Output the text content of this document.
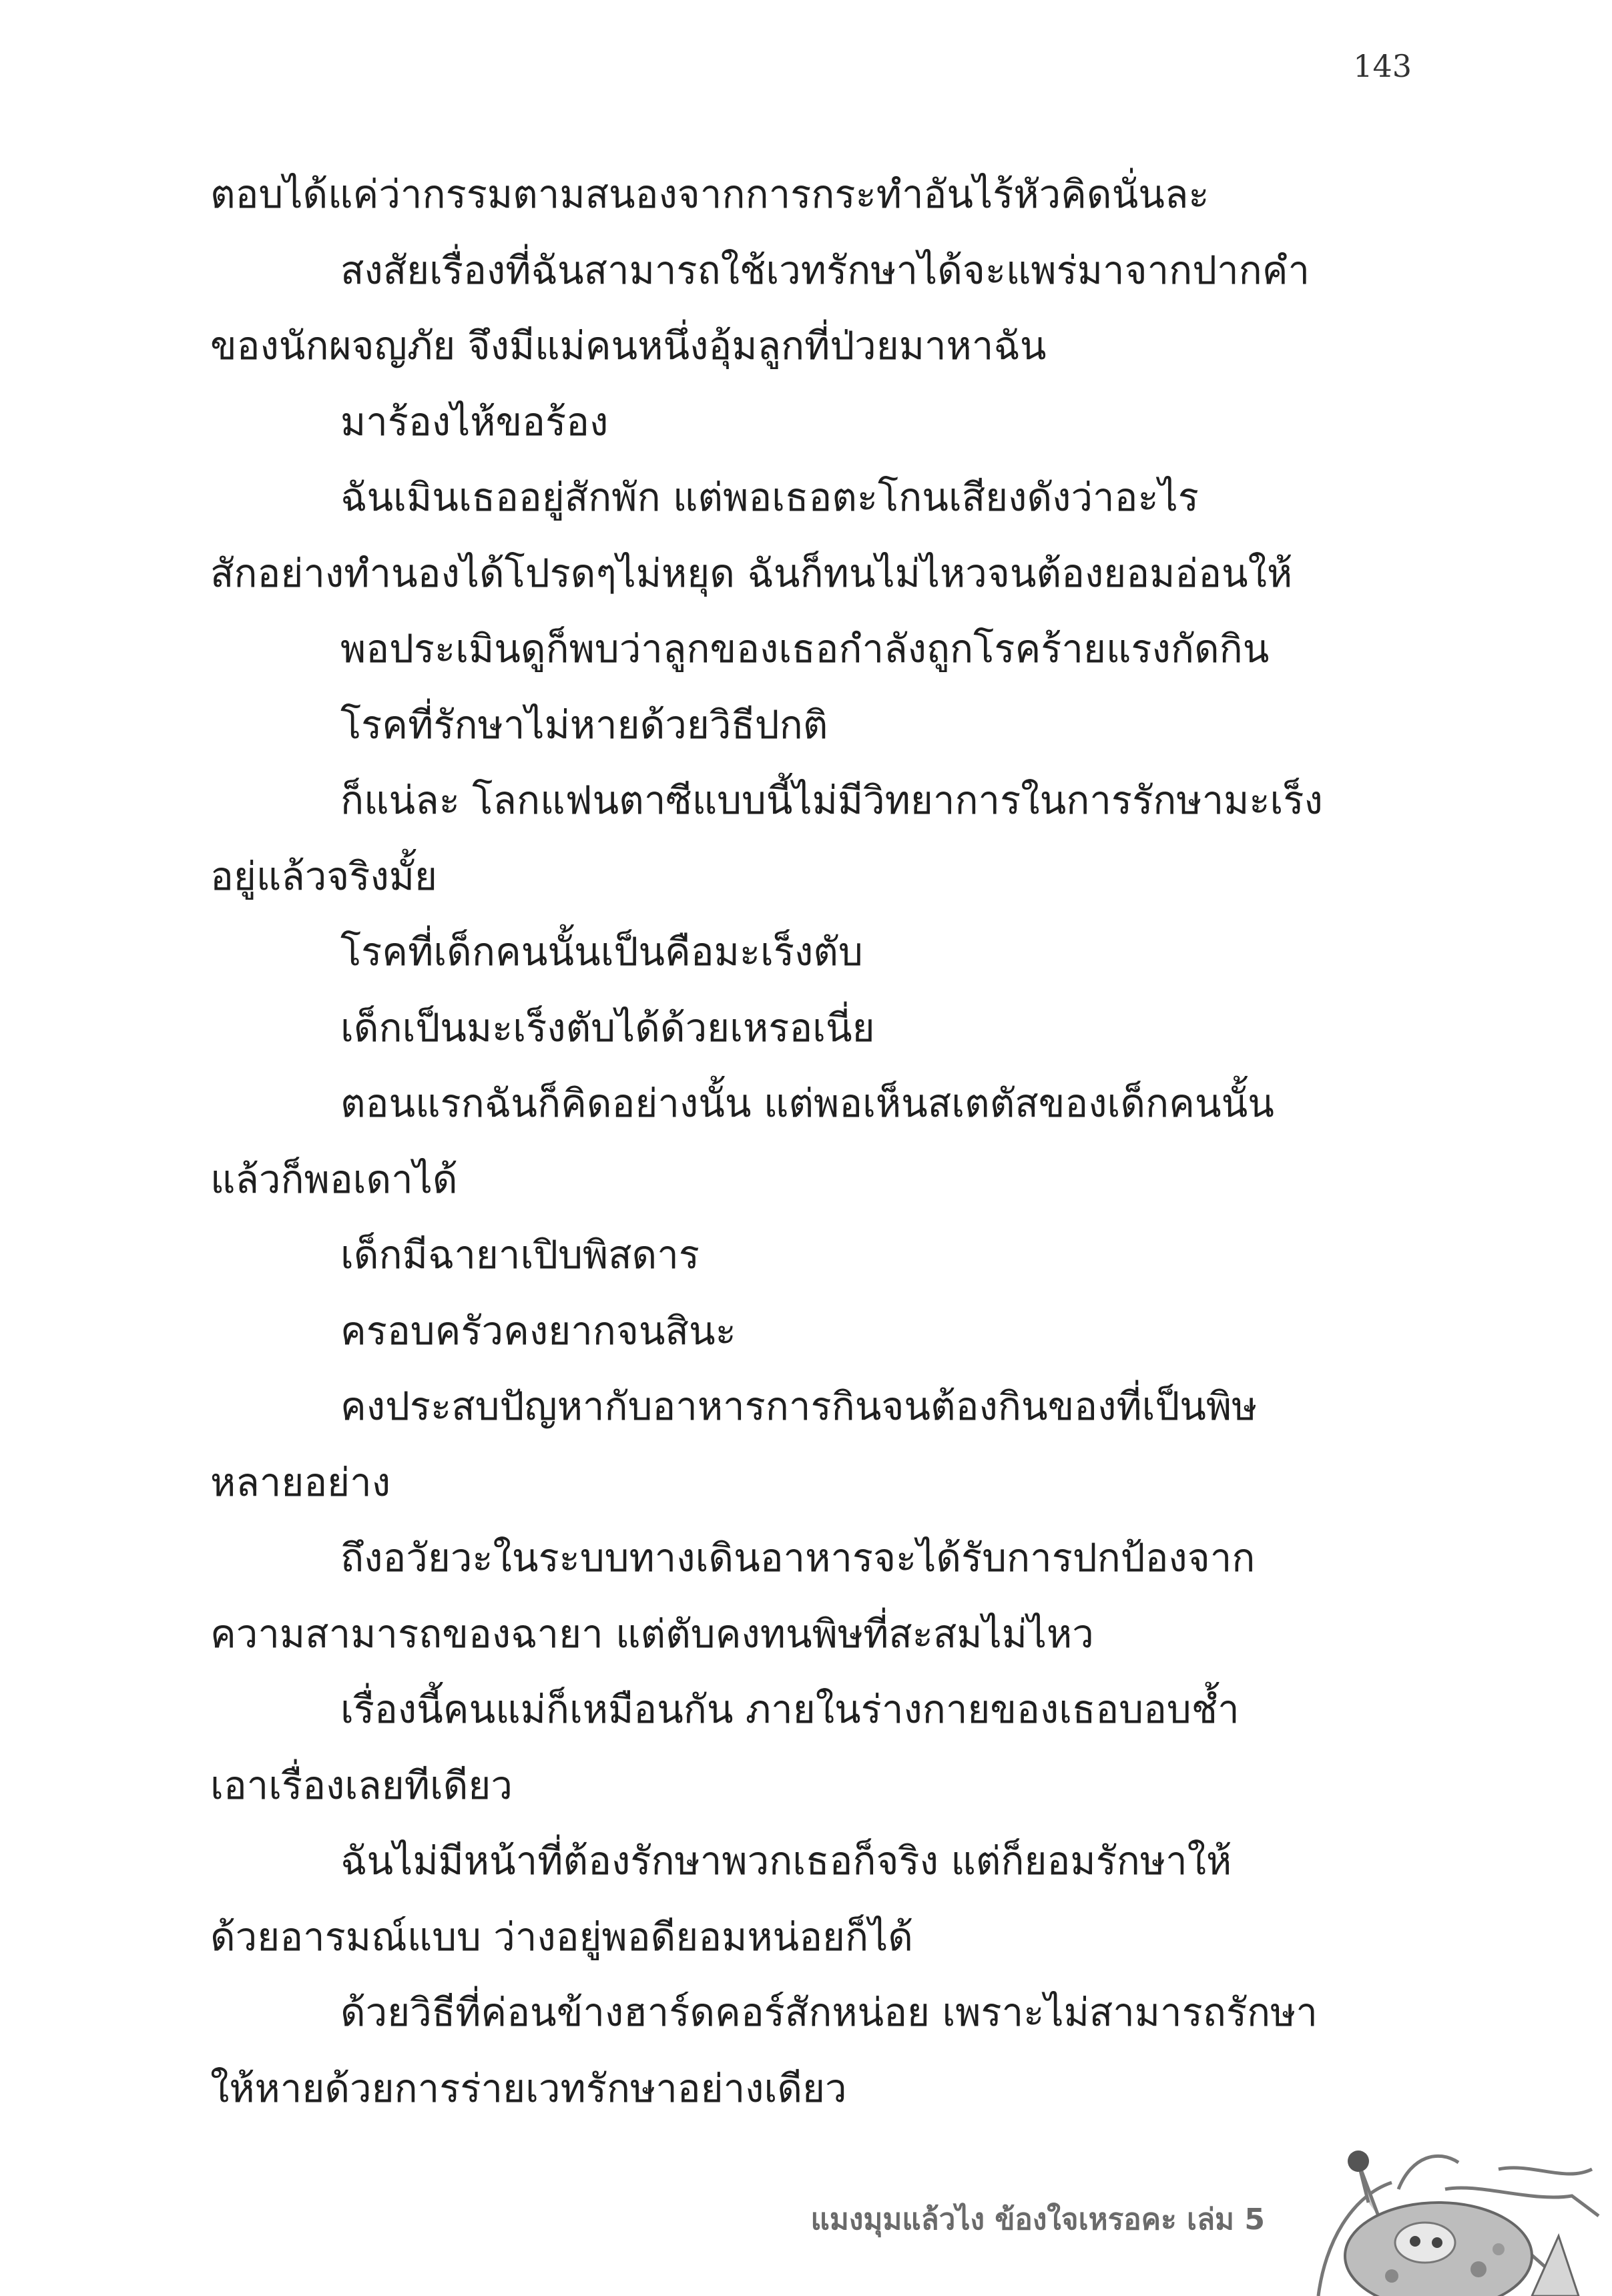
143
ตอบได้แค่ว่ากรรมตามสนองจากการกระทำอันไร้หัวคิดนั่นละ
สงสัยเรื่องที่ฉันสามารถใช้เวทรักษาได้จะแพร่มาจากปากคำ
ของนักผจญภัย จึงมีแม่คนหนึ่งอุ้มลูกที่ป่วยมาหาฉัน
มาร้องไห้ขอร้อง
ฉันเมินเธออยู่สักพัก แต่พอเธอตะโกนเสียงดังว่าอะไร
สักอย่างทำนองได้โปรดๆไม่หยุด ฉันก็ทนไม่ไหวจนต้องยอมอ่อนให้
พอประเมินดูก็พบว่าลูกของเธอกำลังถูกโรคร้ายแรงกัดกิน
โรคที่รักษาไม่หายด้วยวิธีปกติ
ก็แน่ละ โลกแฟนตาซีแบบนี้ไม่มีวิทยาการในการรักษามะเร็ง
อยู่แล้วจริงมั้ย
โรคที่เด็กคนนั้นเป็นคือมะเร็งตับ
เด็กเป็นมะเร็งตับได้ด้วยเหรอเนี่ย
ตอนแรกฉันก็คิดอย่างนั้น แต่พอเห็นสเตตัสของเด็กคนนั้น
แล้วก็พอเดาได้
เด็กมีฉายาเปิบพิสดาร
ครอบครัวคงยากจนสินะ
คงประสบปัญหากับอาหารการกินจนต้องกินของที่เป็นพิษ
หลายอย่าง
ถึงอวัยวะในระบบทางเดินอาหารจะได้รับการปกป้องจาก
ความสามารถของฉายา แต่ตับคงทนพิษที่สะสมไม่ไหว
เรื่องนี้คนแม่ก็เหมือนกัน ภายในร่างกายของเธอบอบช้ำ
เอาเรื่องเลยทีเดียว
ฉันไม่มีหน้าที่ต้องรักษาพวกเธอก็จริง แต่ก็ยอมรักษาให้
ด้วยอารมณ์แบบ ว่างอยู่พอดียอมหน่อยก็ได้
ด้วยวิธีที่ค่อนข้างฮาร์ดคอร์สักหน่อย เพราะไม่สามารถรักษา
ให้หายด้วยการร่ายเวทรักษาอย่างเดียว
แมงมุมแล้วไง ข้องใจเหรอคะ เล่ม 5
